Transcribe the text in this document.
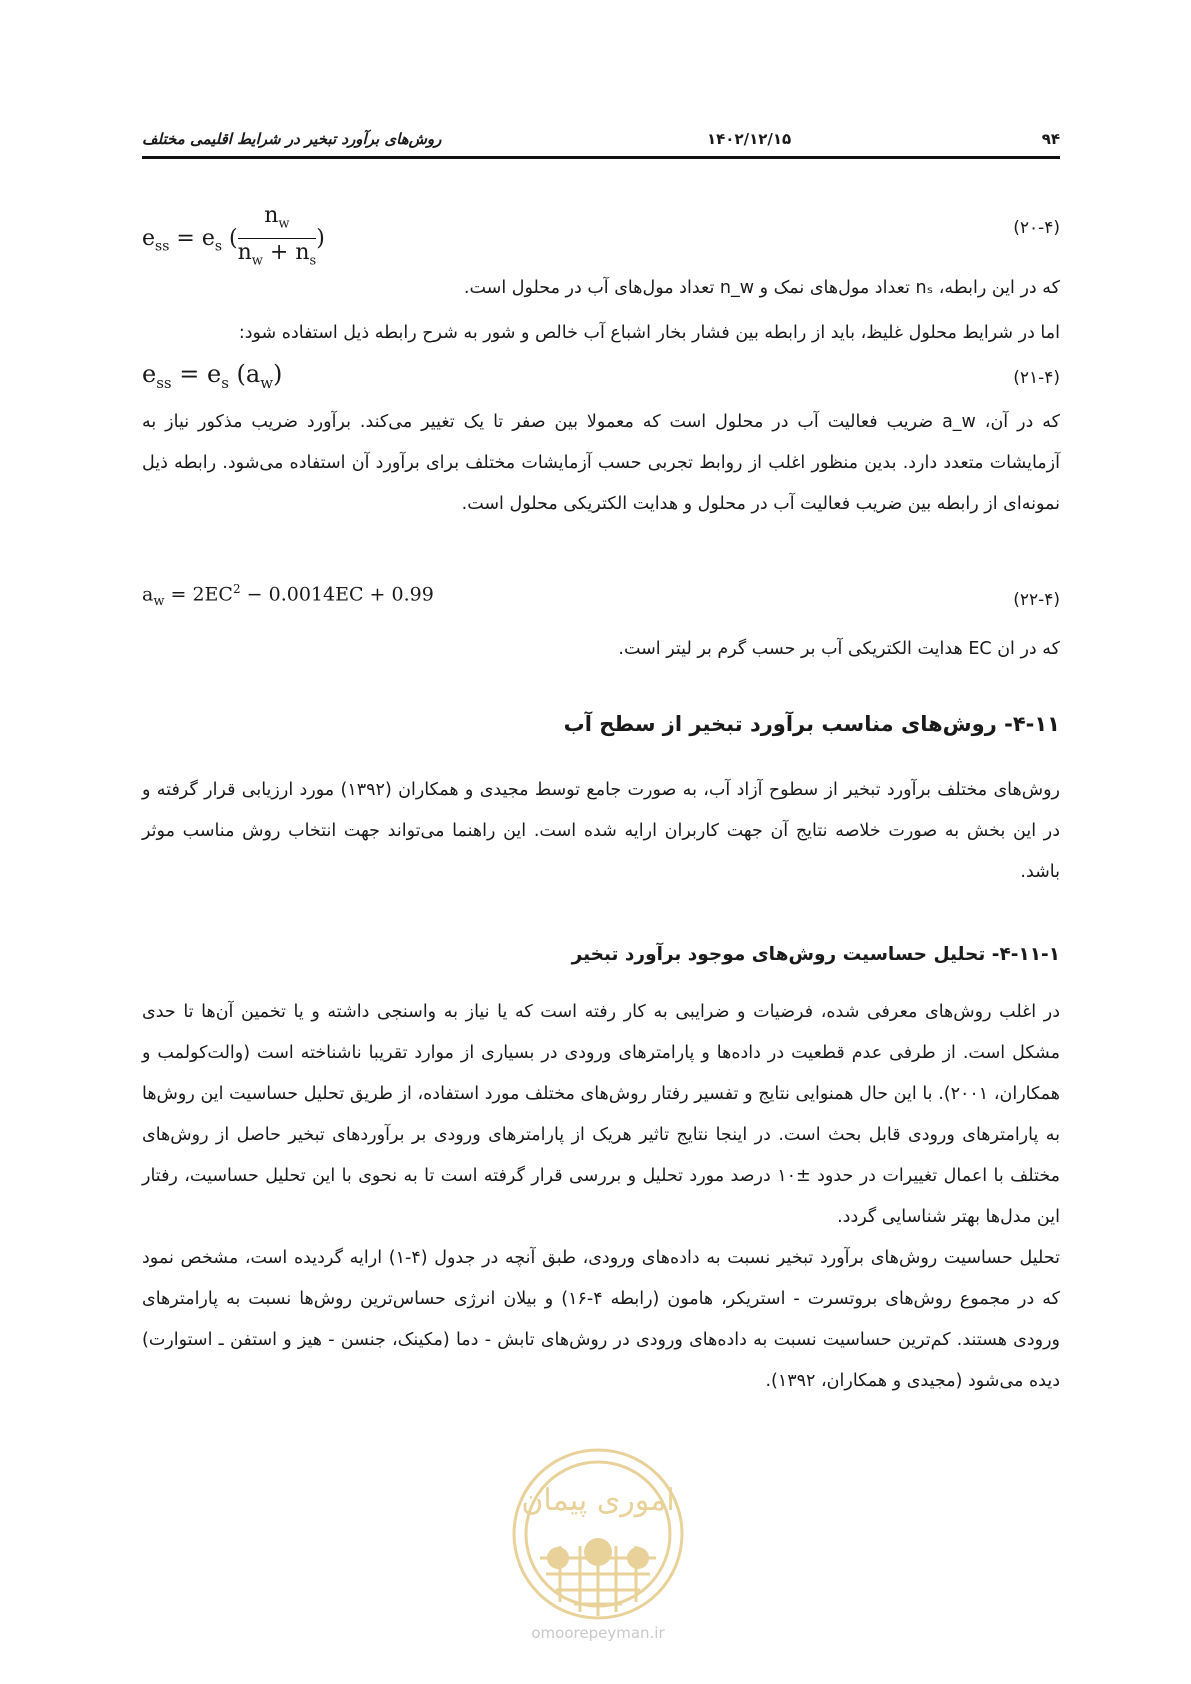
۹۴
۱۴۰۲/۱۲/۱۵
روش‌های برآورد تبخیر در شرایط اقلیمی مختلف
$e_{ss} = e_s$ ( $\frac{n_w}{n_w + n_s}$ )	(۲۰-۴)
که در این رابطه، nₛ تعداد مول‌های نمک و n_w تعداد مول‌های آب در محلول است.
اما در شرایط محلول غلیظ، باید از رابطه بین فشار بخار اشباع آب خالص و شور به شرح رابطه ذیل استفاده شود:
$e_{ss} = e_s$ $(a_w)$	(۲۱-۴)
که در آن، a_w ضریب فعالیت آب در محلول است که معمولا بین صفر تا یک تغییر می‌کند. برآورد ضریب مذکور نیاز به آزمایشات متعدد دارد. بدین منظور اغلب از روابط تجربی حسب آزمایشات مختلف برای برآورد آن استفاده می‌شود. رابطه ذیل نمونه‌ای از رابطه بین ضریب فعالیت آب در محلول و هدایت الکتریکی محلول است.
$a_w = 2EC^2 - 0.0014EC + 0.99$	(۲۲-۴)
که در ان EC هدایت الکتریکی آب بر حسب گرم بر لیتر است.
۴-۱۱- روش‌های مناسب برآورد تبخیر از سطح آب
روش‌های مختلف برآورد تبخیر از سطوح آزاد آب، به صورت جامع توسط مجیدی و همکاران (۱۳۹۲) مورد ارزیابی قرار گرفته و در این بخش به صورت خلاصه نتایج آن جهت کاربران ارایه شده است. این راهنما می‌تواند جهت انتخاب روش مناسب موثر باشد.
۴-۱۱-۱- تحلیل حساسیت روش‌های موجود برآورد تبخیر
در اغلب روش‌های معرفی شده، فرضیات و ضرایبی به کار رفته است که یا نیاز به واسنجی داشته و یا تخمین آن‌ها تا حدی مشکل است. از طرفی عدم قطعیت در داده‌ها و پارامترهای ورودی در بسیاری از موارد تقریبا ناشناخته است (والت‌کولمب و همکاران، ۲۰۰۱). با این حال همنوایی نتایج و تفسیر رفتار روش‌های مختلف مورد استفاده، از طریق تحلیل حساسیت این روش‌ها به پارامترهای ورودی قابل بحث است. در اینجا نتایج تاثیر هریک از پارامترهای ورودی بر برآوردهای تبخیر حاصل از روش‌های مختلف با اعمال تغییرات در حدود ±۱۰ درصد مورد تحلیل و بررسی قرار گرفته است تا به نحوی با این تحلیل حساسیت، رفتار این مدل‌ها بهتر شناسایی گردد.
تحلیل حساسیت روش‌های برآورد تبخیر نسبت به داده‌های ورودی، طبق آنچه در جدول (۴-۱) ارایه گردیده است، مشخص نمود که در مجموع روش‌های بروتسرت - استریکر، هامون (رابطه ۴-۱۶) و بیلان انرژی حساس‌ترین روش‌ها نسبت به پارامترهای ورودی هستند. کم‌ترین حساسیت نسبت به داده‌های ورودی در روش‌های تابش - دما (مکینک، جنسن - هیز و استفن ـ استوارت) دیده می‌شود (مجیدی و همکاران، ۱۳۹۲).
اموری پیمان
omoorepeyman.ir
